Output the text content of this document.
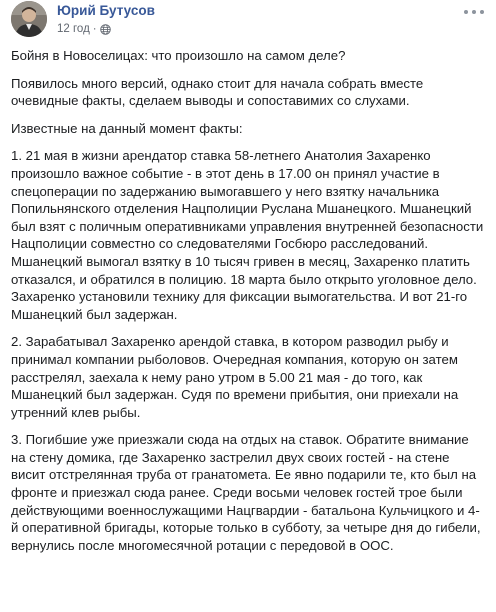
Юрий Бутусов
12 год ·

Бойня в Новоселицах: что произошло на самом деле?

Появилось много версий, однако стоит для начала собрать вместе очевидные факты, сделаем выводы и сопоставимих со слухами.

Известные на данный момент факты:

1. 21 мая в жизни арендатор ставка 58-летнего Анатолия Захаренко произошло важное событие - в этот день в 17.00 он принял участие в спецоперации по задержанию вымогавшего у него взятку начальника Попильнянского отделения Нацполиции Руслана Мшанецкого. Мшанецкий был взят с поличным оперативниками управления внутренней безопасности Нацполиции совместно со следователями Госбюро расследований.
Мшанецкий вымогал взятку в 10 тысяч гривен в месяц, Захаренко платить отказался, и обратился в полицию. 18 марта было открыто уголовное дело. Захаренко установили технику для фиксации вымогательства. И вот 21-го Мшанецкий был задержан.

2. Зарабатывал Захаренко арендой ставка, в котором разводил рыбу и принимал компании рыболовов. Очередная компания, которую он затем расстрелял, заехала к нему рано утром в 5.00 21 мая - до того, как Мшанецкий был задержан. Судя по времени прибытия, они приехали на утренний клев рыбы.

3. Погибшие уже приезжали сюда на отдых на ставок. Обратите внимание на стену домика, где Захаренко застрелил двух своих гостей - на стене висит отстрелянная труба от гранатомета. Ее явно подарили те, кто был на фронте и приезжал сюда ранее. Среди восьми человек гостей трое были действующими военнослужащими Нацгвардии - батальона Кульчицкого и 4-й оперативной бригады, которые только в субботу, за четыре дня до гибели, вернулись после многомесячной ротации с передовой в ООС.
